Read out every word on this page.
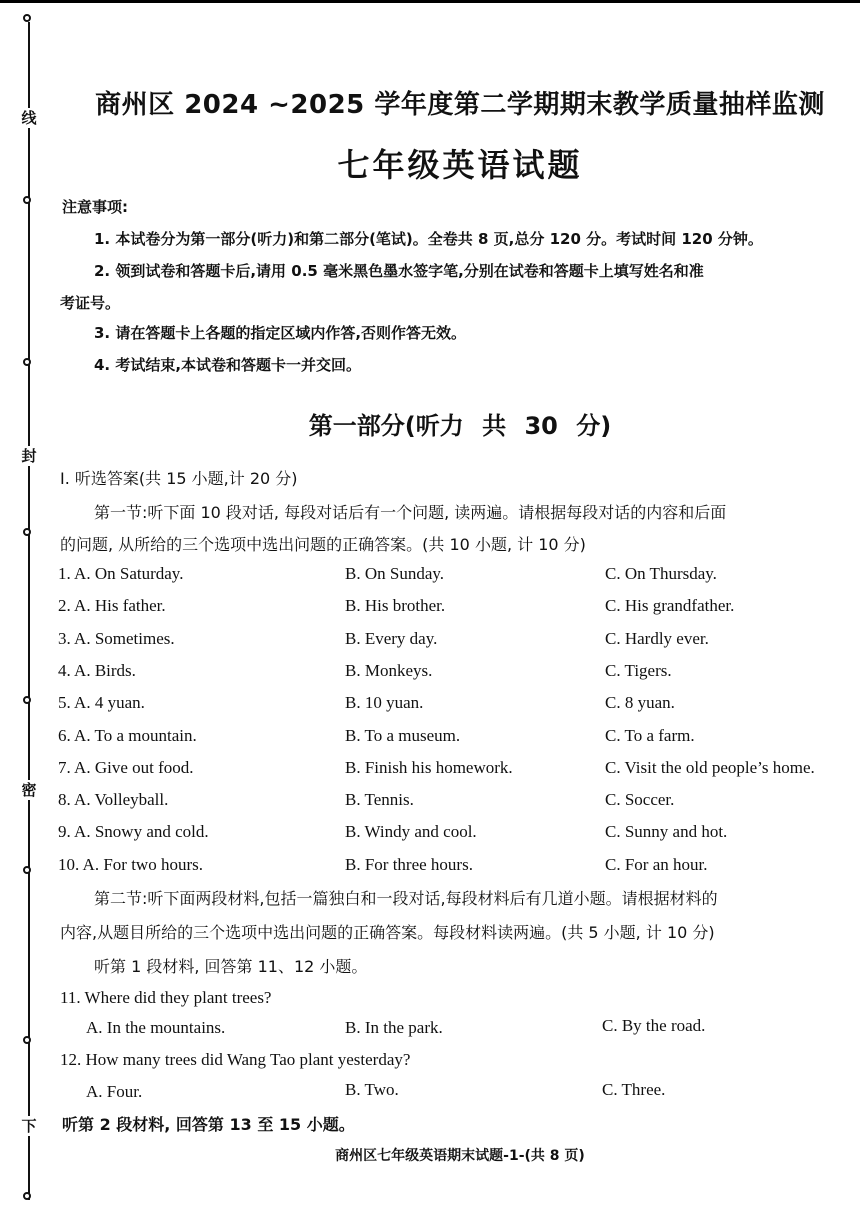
线
封
密
下
商州区 2024 ~2025 学年度第二学期期末教学质量抽样监测
七年级英语试题
注意事项:
1. 本试卷分为第一部分(听力)和第二部分(笔试)。全卷共 8 页,总分 120 分。考试时间 120 分钟。
2. 领到试卷和答题卡后,请用 0.5 毫米黑色墨水签字笔,分别在试卷和答题卡上填写姓名和准
考证号。
3. 请在答题卡上各题的指定区域内作答,否则作答无效。
4. 考试结束,本试卷和答题卡一并交回。
第一部分(听力 共 30 分)
Ⅰ. 听选答案(共 15 小题,计 20 分)
第一节:听下面 10 段对话, 每段对话后有一个问题, 读两遍。请根据每段对话的内容和后面
的问题, 从所给的三个选项中选出问题的正确答案。(共 10 小题, 计 10 分)
1. A. On Saturday.	B. On Sunday.	C. On Thursday.
2. A. His father.	B. His brother.	C. His grandfather.
3. A. Sometimes.	B. Every day.	C. Hardly ever.
4. A. Birds.	B. Monkeys.	C. Tigers.
5. A. 4 yuan.	B. 10 yuan.	C. 8 yuan.
6. A. To a mountain.	B. To a museum.	C. To a farm.
7. A. Give out food.	B. Finish his homework.	C. Visit the old people’s home.
8. A. Volleyball.	B. Tennis.	C. Soccer.
9. A. Snowy and cold.	B. Windy and cool.	C. Sunny and hot.
10. A. For two hours.	B. For three hours.	C. For an hour.
第二节:听下面两段材料,包括一篇独白和一段对话,每段材料后有几道小题。请根据材料的
内容,从题目所给的三个选项中选出问题的正确答案。每段材料读两遍。(共 5 小题, 计 10 分)
听第 1 段材料, 回答第 11、12 小题。
11. Where did they plant trees?
A. In the mountains.	B. In the park.	C. By the road.
12. How many trees did Wang Tao plant yesterday?
A. Four.	B. Two.	C. Three.
听第 2 段材料, 回答第 13 至 15 小题。
商州区七年级英语期末试题-1-(共 8 页)
